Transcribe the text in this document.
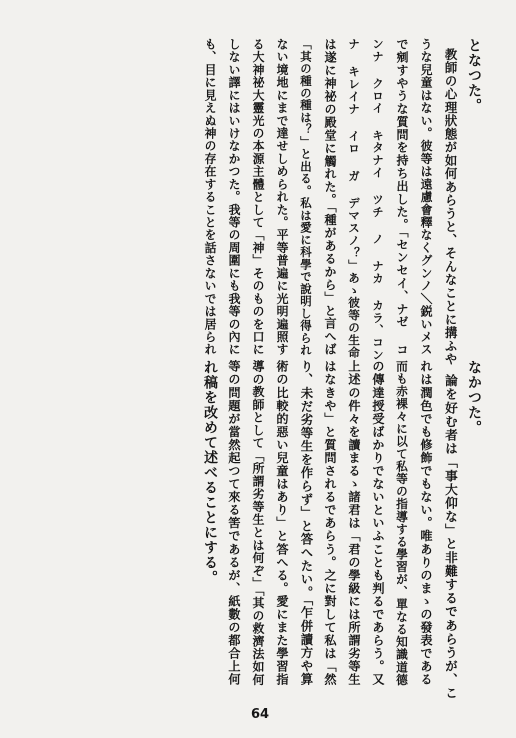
となつた。
教師の心理狀態が如何あらうと、そんなことに搆ふや
うな兒童はない。彼等は遠慮會釋なくグンノ＼鋭いメス
で剜すやうな質問を持ち出した。「センセイ、ナゼ コ
ンナ クロイ キタナイ ツチ ノ ナカ カラ、コン
ナ キレイナ イロ ガ デマスノ？」あゝ彼等の生命
は遂に神祕の殿堂に觸れた。「種があるから」と言へば
「其の種の種は？」と出る。私は愛に科學で說明し得られ
ない境地にまで達せしめられた。平等普遍に光明遍照す
る大神祕大靈光の本源主體として「神」そのものを口に
しない譯にはいけなかつた。我等の周圍にも我等の內に
も、目に見えぬ神の存在することを話さないでは居られ
なかつた。
論を好む者は「事大仰な」と非難するであらうが、こ
れは潤色でも修飾でもない。唯ありのまゝの發表である
而も赤裸々に以て私等の指導する學習が、單なる知識道德
の傳達授受ばかりでないといふことも判るであらう。又
上述の件々を讀まるゝ諸君は「君の學級には所謂劣等生
はなきや」と質問されるであらう。之に對して私は「然
り、未だ劣等生を作らず」と答へたい。「乍併讀方や算
術の比較的惡い兒童はあり」と答へる。愛にまた學習指
導の教師として「所謂劣等生とは何ぞ」「其の救濟法如何
等の問題が當然起つて來る筈であるが、紙數の都合上何
れ稿を改めて述べることにする。
64
